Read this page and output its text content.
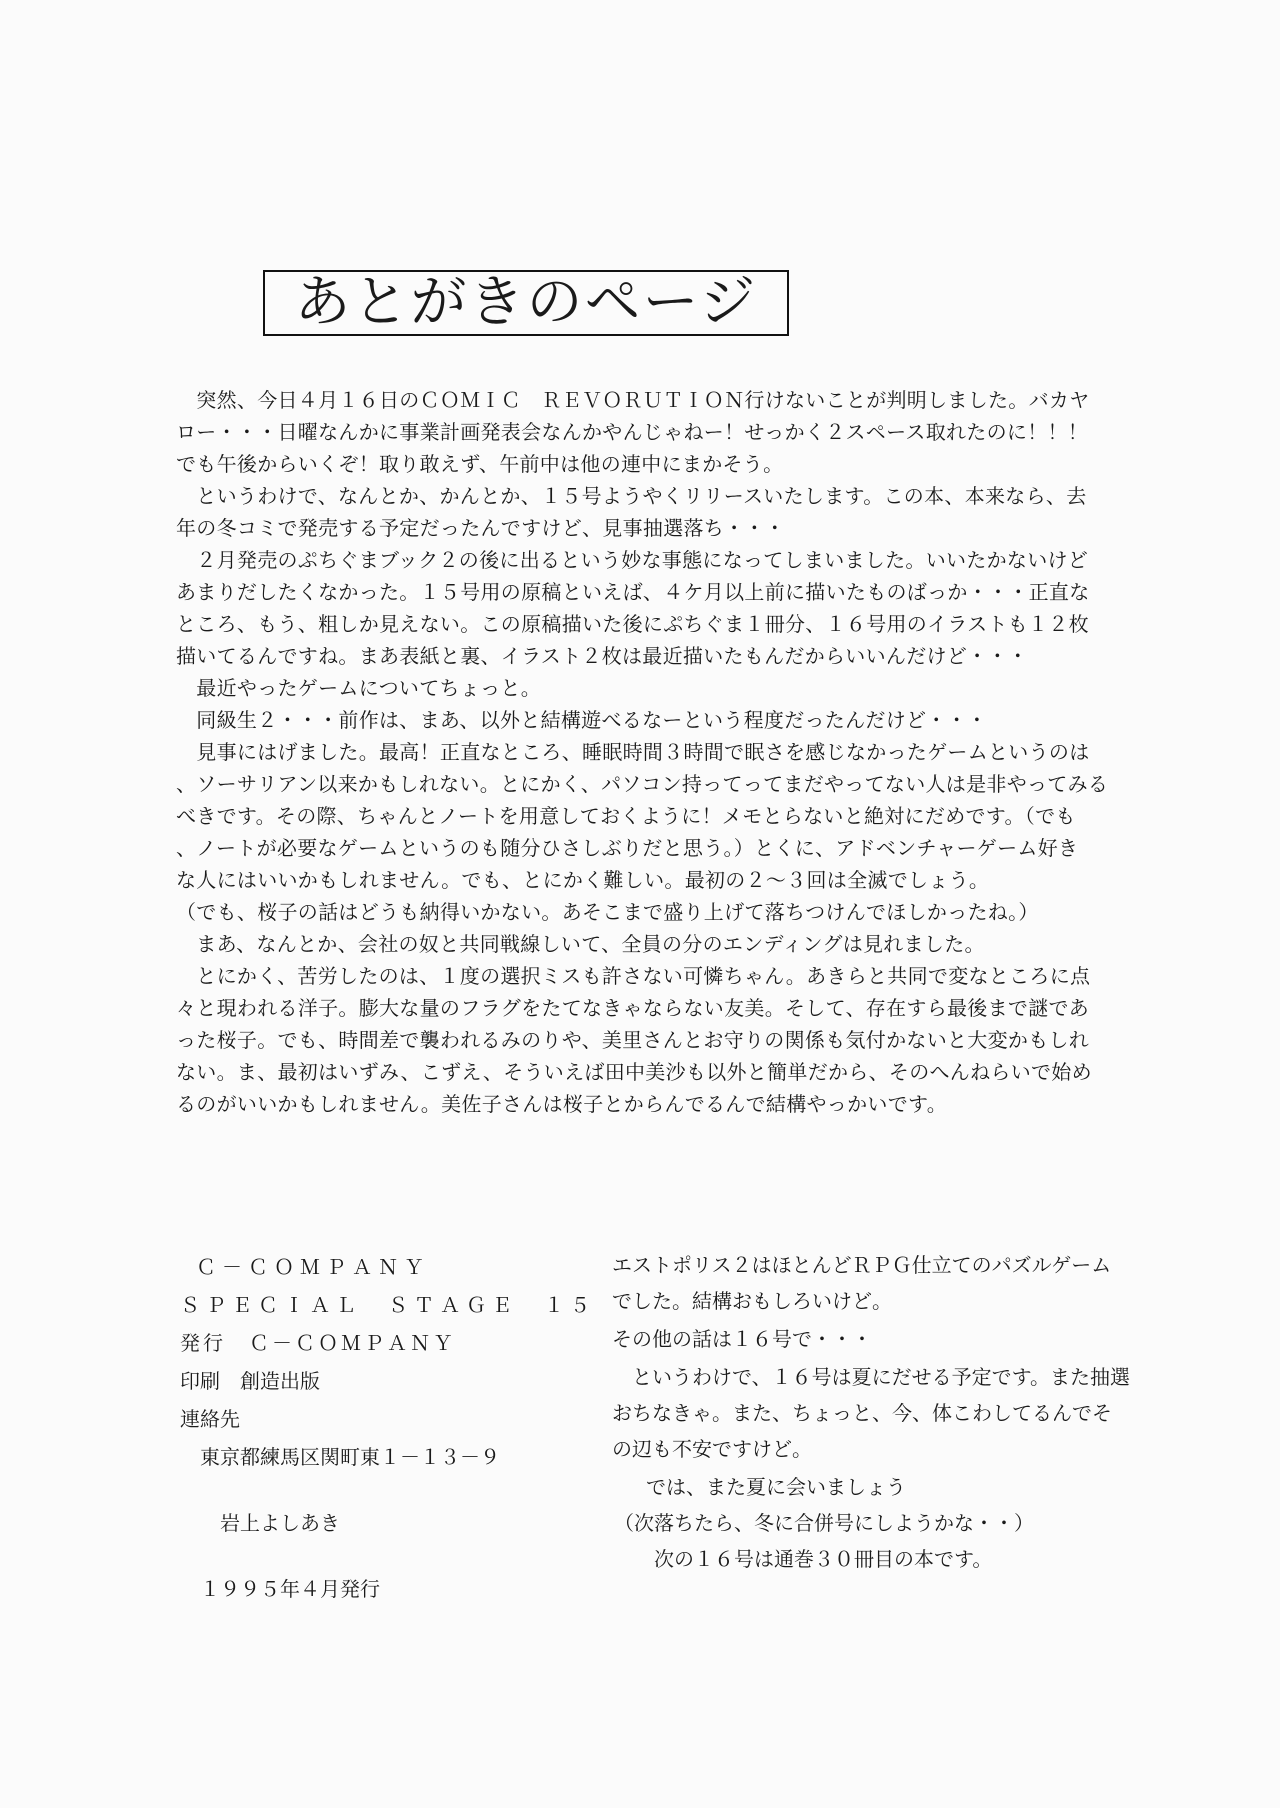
あとがきのページ
　突然、今日４月１６日のＣＯＭＩＣ　ＲＥＶＯＲＵＴＩＯＮ行けないことが判明しました。バカヤ
ロー・・・日曜なんかに事業計画発表会なんかやんじゃねー！せっかく２スペース取れたのに！！！
でも午後からいくぞ！取り敢えず、午前中は他の連中にまかそう。
　というわけで、なんとか、かんとか、１５号ようやくリリースいたします。この本、本来なら、去
年の冬コミで発売する予定だったんですけど、見事抽選落ち・・・
　２月発売のぷちぐまブック２の後に出るという妙な事態になってしまいました。いいたかないけど
あまりだしたくなかった。１５号用の原稿といえば、４ケ月以上前に描いたものばっか・・・正直な
ところ、もう、粗しか見えない。この原稿描いた後にぷちぐま１冊分、１６号用のイラストも１２枚
描いてるんですね。まあ表紙と裏、イラスト２枚は最近描いたもんだからいいんだけど・・・
　最近やったゲームについてちょっと。
　同級生２・・・前作は、まあ、以外と結構遊べるなーという程度だったんだけど・・・
　見事にはげました。最高！正直なところ、睡眠時間３時間で眠さを感じなかったゲームというのは
、ソーサリアン以来かもしれない。とにかく、パソコン持ってってまだやってない人は是非やってみる
べきです。その際、ちゃんとノートを用意しておくように！メモとらないと絶対にだめです。（でも
、ノートが必要なゲームというのも随分ひさしぶりだと思う。）とくに、アドベンチャーゲーム好き
な人にはいいかもしれません。でも、とにかく難しい。最初の２～３回は全滅でしょう。
（でも、桜子の話はどうも納得いかない。あそこまで盛り上げて落ちつけんでほしかったね。）
　まあ、なんとか、会社の奴と共同戦線しいて、全員の分のエンディングは見れました。
　とにかく、苦労したのは、１度の選択ミスも許さない可憐ちゃん。あきらと共同で変なところに点
々と現われる洋子。膨大な量のフラグをたてなきゃならない友美。そして、存在すら最後まで謎であ
った桜子。でも、時間差で襲われるみのりや、美里さんとお守りの関係も気付かないと大変かもしれ
ない。ま、最初はいずみ、こずえ、そういえば田中美沙も以外と簡単だから、そのへんねらいで始め
るのがいいかもしれません。美佐子さんは桜子とからんでるんで結構やっかいです。
Ｃ－ＣＯＭＰＡＮＹ
ＳＰＥＣＩＡＬ　ＳＴＡＧＥ　１５
発行　Ｃ－ＣＯＭＰＡＮＹ
印刷　創造出版
連絡先
東京都練馬区関町東１－１３－９
岩上よしあき
１９９５年４月発行
エストポリス２はほとんどＲＰＧ仕立てのパズルゲーム
でした。結構おもしろいけど。
その他の話は１６号で・・・
　というわけで、１６号は夏にだせる予定です。また抽選
おちなきゃ。また、ちょっと、今、体こわしてるんでそ
の辺も不安ですけど。
　では、また夏に会いましょう
（次落ちたら、冬に合併号にしようかな・・）
　次の１６号は通巻３０冊目の本です。
